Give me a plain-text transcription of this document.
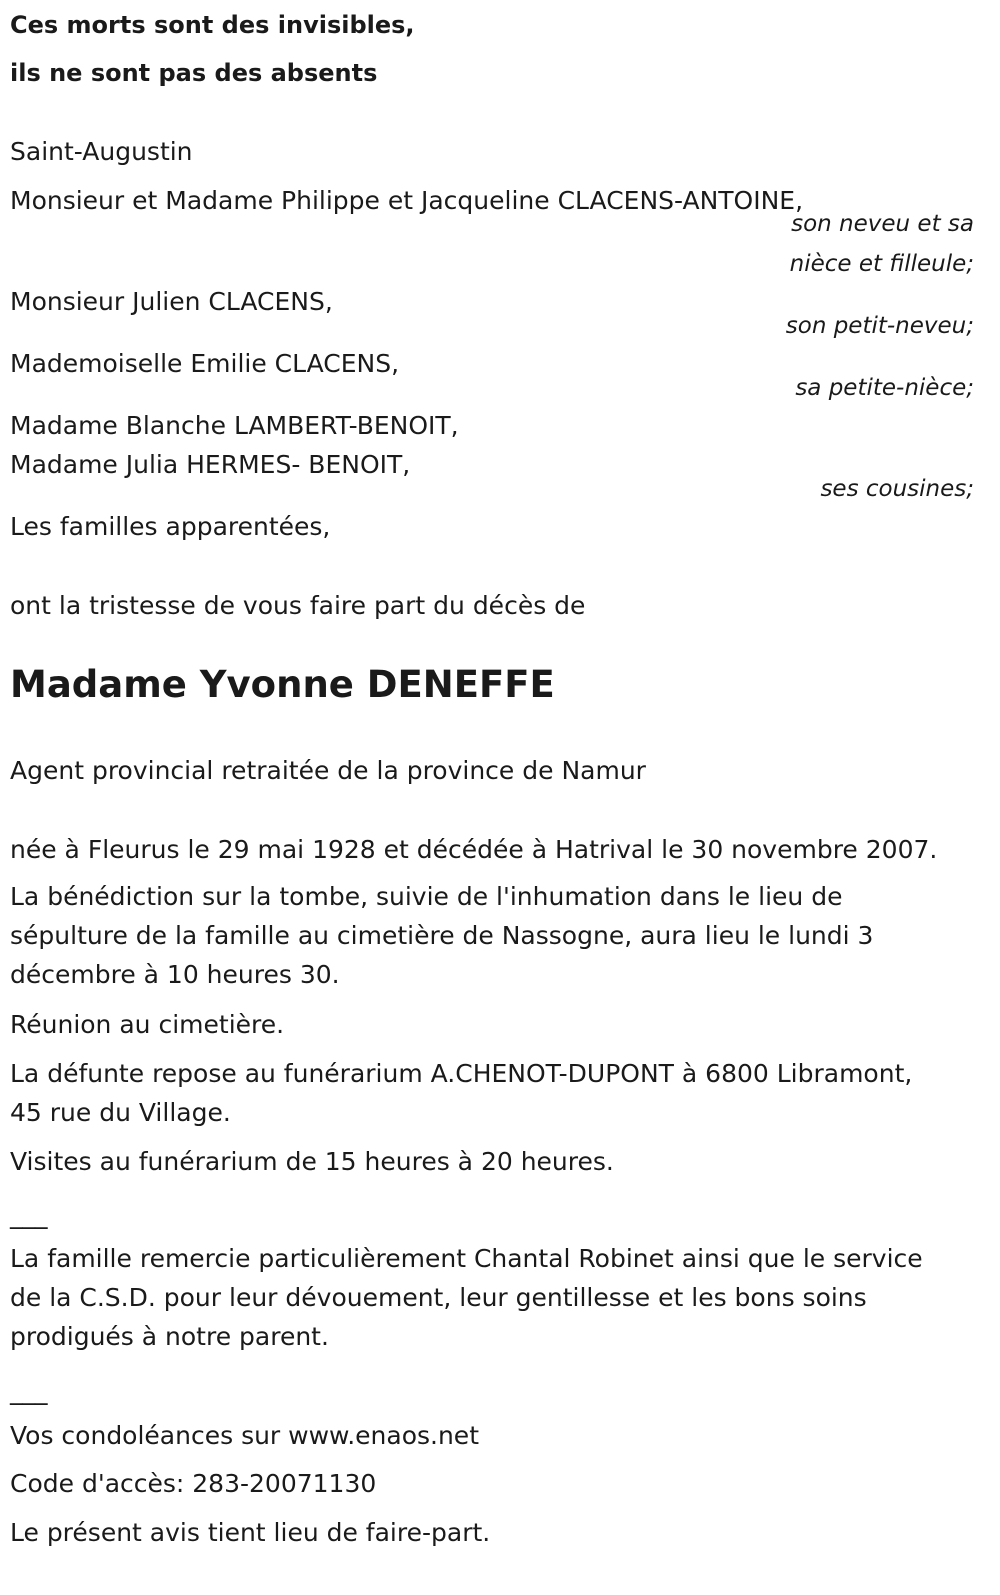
Ces morts sont des invisibles,
ils ne sont pas des absents
Saint-Augustin
Monsieur et Madame Philippe et Jacqueline CLACENS-ANTOINE,
son neveu et sa
nièce et filleule;
Monsieur Julien CLACENS,
son petit-neveu;
Mademoiselle Emilie CLACENS,
sa petite-nièce;
Madame Blanche LAMBERT-BENOIT,
Madame Julia HERMES- BENOIT,
ses cousines;
Les familles apparentées,
ont la tristesse de vous faire part du décès de
Madame Yvonne DENEFFE
Agent provincial retraitée de la province de Namur
née à Fleurus le 29 mai 1928 et décédée à Hatrival le 30 novembre 2007.
La bénédiction sur la tombe, suivie de l'inhumation dans le lieu de
sépulture de la famille au cimetière de Nassogne, aura lieu le lundi 3
décembre à 10 heures 30.
Réunion au cimetière.
La défunte repose au funérarium A.CHENOT-DUPONT à 6800 Libramont,
45 rue du Village.
Visites au funérarium de 15 heures à 20 heures.
___
La famille remercie particulièrement Chantal Robinet ainsi que le service
de la C.S.D. pour leur dévouement, leur gentillesse et les bons soins
prodigués à notre parent.
___
Vos condoléances sur www.enaos.net
Code d'accès: 283-20071130
Le présent avis tient lieu de faire-part.
